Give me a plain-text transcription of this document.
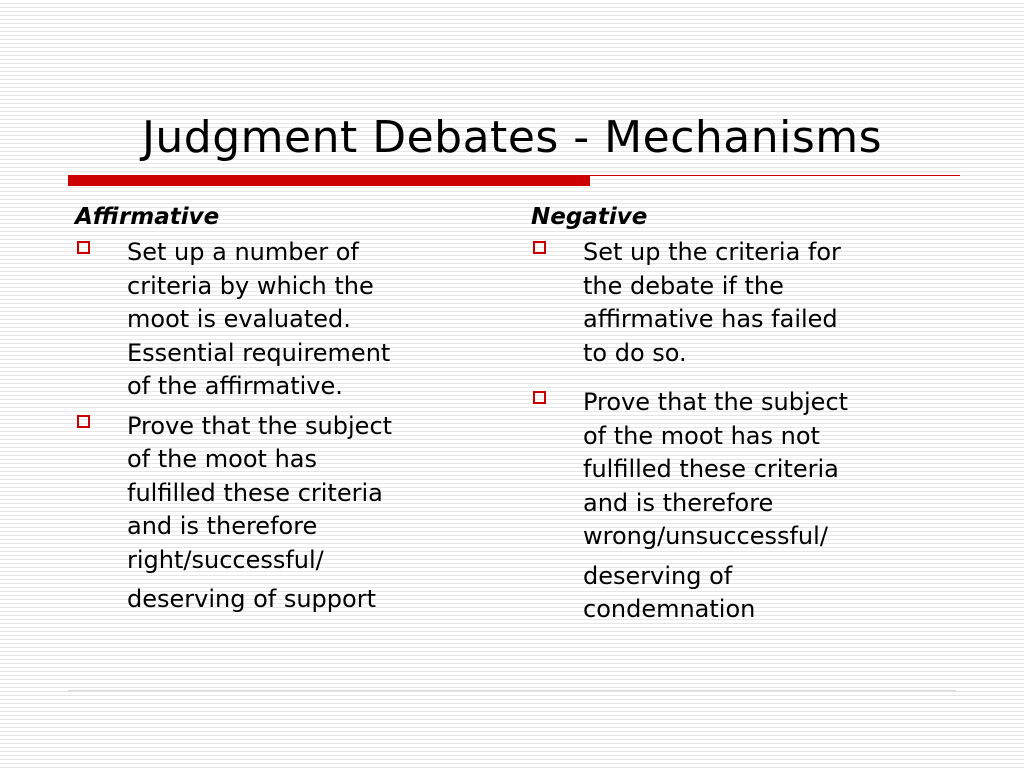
Judgment Debates - Mechanisms
Affirmative
Set up a number of
criteria by which the
moot is evaluated.
Essential requirement
of the affirmative.
Prove that the subject
of the moot has
fulfilled these criteria
and is therefore
right/successful/
deserving of support
Negative
Set up the criteria for
the debate if the
affirmative has failed
to do so.
Prove that the subject
of the moot has not
fulfilled these criteria
and is therefore
wrong/unsuccessful/
deserving of
condemnation
